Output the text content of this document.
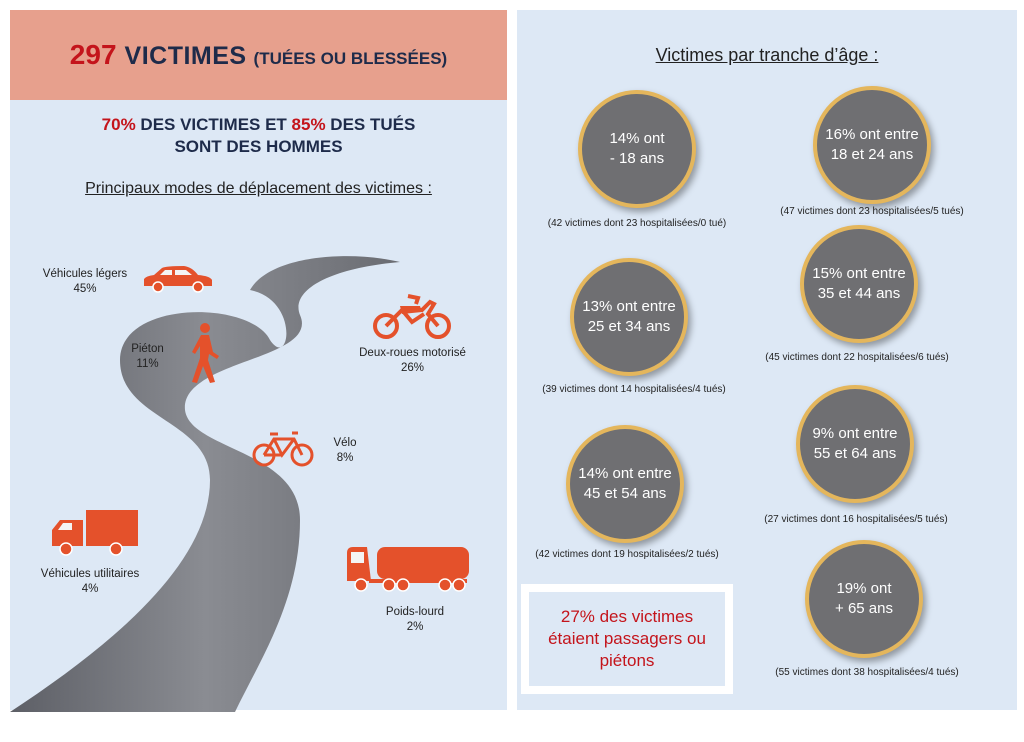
297 VICTIMES (TUÉES OU BLESSÉES)
70% DES VICTIMES ET 85% DES TUÉS
SONT DES HOMMES
Principaux modes de déplacement des victimes :
Véhicules légers
45%
Piéton
11%
Deux-roues motorisé
26%
Vélo
8%
Véhicules utilitaires
4%
Poids-lourd
2%
Victimes par tranche d’âge :
14% ont
- 18 ans
(42 victimes dont 23 hospitalisées/0 tué)
16% ont entre
18 et 24 ans
(47 victimes dont 23 hospitalisées/5 tués)
13% ont entre
25 et 34 ans
(39 victimes dont 14 hospitalisées/4 tués)
15% ont entre
35 et 44 ans
(45 victimes dont 22 hospitalisées/6 tués)
14% ont entre
45 et 54 ans
(42 victimes dont 19 hospitalisées/2 tués)
9% ont entre
55 et 64 ans
(27 victimes dont 16 hospitalisées/5 tués)
19% ont
+ 65 ans
(55 victimes dont 38 hospitalisées/4 tués)
27% des victimes
étaient passagers ou
piétons
